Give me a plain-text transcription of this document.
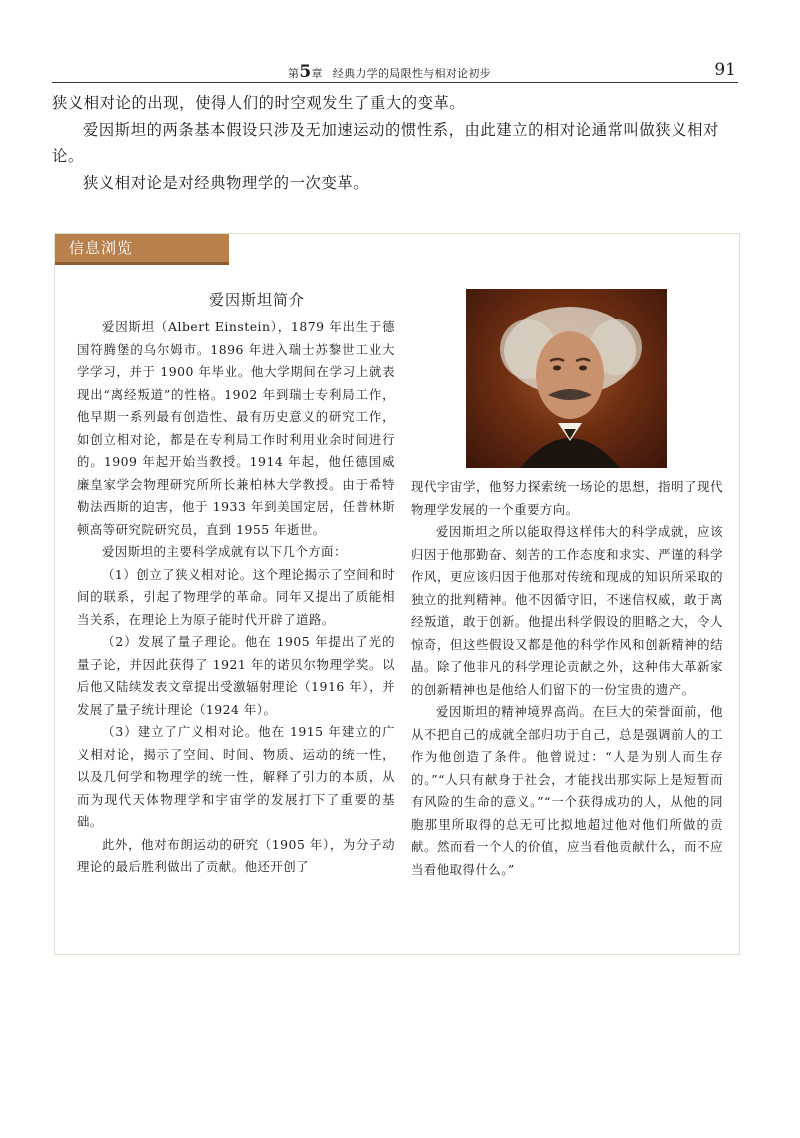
第5章 经典力学的局限性与相对论初步	91

狭义相对论的出现，使得人们的时空观发生了重大的变革。

爱因斯坦的两条基本假设只涉及无加速运动的惯性系，由此建立的相对论通常叫做狭义相对论。

狭义相对论是对经典物理学的一次变革。

信息浏览
爱因斯坦简介

爱因斯坦（Albert Einstein），1879 年出生于德国符腾堡的乌尔姆市。1896 年进入瑞士苏黎世工业大学学习，并于 1900 年毕业。他大学期间在学习上就表现出“离经叛道”的性格。1902 年到瑞士专利局工作，他早期一系列最有创造性、最有历史意义的研究工作，如创立相对论，都是在专利局工作时利用业余时间进行的。1909 年起开始当教授。1914 年起，他任德国威廉皇家学会物理研究所所长兼柏林大学教授。由于希特勒法西斯的迫害，他于 1933 年到美国定居，任普林斯顿高等研究院研究员，直到 1955 年逝世。

爱因斯坦的主要科学成就有以下几个方面：

（1）创立了狭义相对论。这个理论揭示了空间和时间的联系，引起了物理学的革命。同年又提出了质能相当关系，在理论上为原子能时代开辟了道路。

（2）发展了量子理论。他在 1905 年提出了光的量子论，并因此获得了 1921 年的诺贝尔物理学奖。以后他又陆续发表文章提出受激辐射理论（1916 年），并发展了量子统计理论（1924 年）。

（3）建立了广义相对论。他在 1915 年建立的广义相对论，揭示了空间、时间、物质、运动的统一性，以及几何学和物理学的统一性，解释了引力的本质，从而为现代天体物理学和宇宙学的发展打下了重要的基础。

此外，他对布朗运动的研究（1905 年），为分子动理论的最后胜利做出了贡献。他还开创了

现代宇宙学，他努力探索统一场论的思想，指明了现代物理学发展的一个重要方向。

爱因斯坦之所以能取得这样伟大的科学成就，应该归因于他那勤奋、刻苦的工作态度和求实、严谨的科学作风，更应该归因于他那对传统和现成的知识所采取的独立的批判精神。他不因循守旧，不迷信权威，敢于离经叛道，敢于创新。他提出科学假设的胆略之大，令人惊奇，但这些假设又都是他的科学作风和创新精神的结晶。除了他非凡的科学理论贡献之外，这种伟大革新家的创新精神也是他给人们留下的一份宝贵的遗产。

爱因斯坦的精神境界高尚。在巨大的荣誉面前，他从不把自己的成就全部归功于自己，总是强调前人的工作为他创造了条件。他曾说过：“人是为别人而生存的。”“人只有献身于社会，才能找出那实际上是短暂而有风险的生命的意义。”“一个获得成功的人，从他的同胞那里所取得的总无可比拟地超过他对他们所做的贡献。然而看一个人的价值，应当看他贡献什么，而不应当看他取得什么。”
